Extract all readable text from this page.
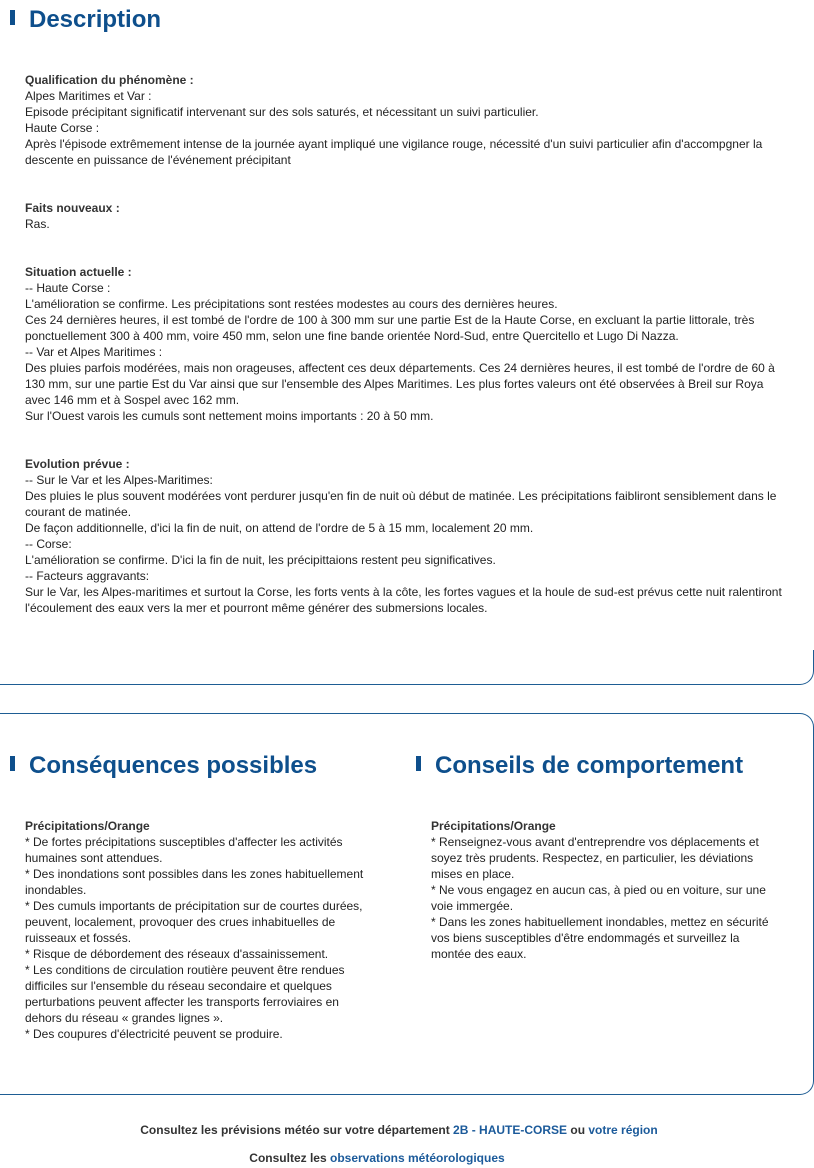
Description
Qualification du phénomène :
Alpes Maritimes et Var :
Episode précipitant significatif intervenant sur des sols saturés, et nécessitant un suivi particulier.
Haute Corse :
Après l'épisode extrêmement intense de la journée ayant impliqué une vigilance rouge, nécessité d'un suivi particulier afin d'accompgner la descente en puissance de l'événement précipitant
Faits nouveaux :
Ras.
Situation actuelle :
-- Haute Corse :
L'amélioration se confirme. Les précipitations sont restées modestes au cours des dernières heures.
Ces 24 dernières heures, il est tombé de l'ordre de 100 à 300 mm sur une partie Est de la Haute Corse, en excluant la partie littorale, très ponctuellement 300 à 400 mm, voire 450 mm, selon une fine bande orientée Nord-Sud, entre Quercitello et Lugo Di Nazza.
-- Var et Alpes Maritimes :
Des pluies parfois modérées, mais non orageuses, affectent ces deux départements. Ces 24 dernières heures, il est tombé de l'ordre de 60 à 130 mm, sur une partie Est du Var ainsi que sur l'ensemble des Alpes Maritimes. Les plus fortes valeurs ont été observées à Breil sur Roya avec 146 mm et à Sospel avec 162 mm.
Sur l'Ouest varois les cumuls sont nettement moins importants : 20 à 50 mm.
Evolution prévue :
-- Sur le Var et les Alpes-Maritimes:
Des pluies le plus souvent modérées vont perdurer jusqu'en fin de nuit où début de matinée. Les précipitations faibliront sensiblement dans le courant de matinée.
De façon additionnelle, d'ici la fin de nuit, on attend de l'ordre de 5 à 15 mm, localement 20 mm.
-- Corse:
L'amélioration se confirme. D'ici la fin de nuit, les précipittaions restent peu significatives.
-- Facteurs aggravants:
Sur le Var, les Alpes-maritimes et surtout la Corse, les forts vents à la côte, les fortes vagues et la houle de sud-est prévus cette nuit ralentiront l'écoulement des eaux vers la mer et pourront même générer des submersions locales.
Conséquences possibles
Précipitations/Orange
* De fortes précipitations susceptibles d'affecter les activités humaines sont attendues.
* Des inondations sont possibles dans les zones habituellement inondables.
* Des cumuls importants de précipitation sur de courtes durées, peuvent, localement, provoquer des crues inhabituelles de ruisseaux et fossés.
* Risque de débordement des réseaux d'assainissement.
* Les conditions de circulation routière peuvent être rendues difficiles sur l'ensemble du réseau secondaire et quelques perturbations peuvent affecter les transports ferroviaires en dehors du réseau « grandes lignes ».
* Des coupures d'électricité peuvent se produire.
Conseils de comportement
Précipitations/Orange
* Renseignez-vous avant d'entreprendre vos déplacements et soyez très prudents. Respectez, en particulier, les déviations mises en place.
* Ne vous engagez en aucun cas, à pied ou en voiture, sur une voie immergée.
* Dans les zones habituellement inondables, mettez en sécurité vos biens susceptibles d'être endommagés et surveillez la montée des eaux.
Consultez les prévisions météo sur votre département 2B - HAUTE-CORSE ou votre région
Consultez les observations météorologiques
